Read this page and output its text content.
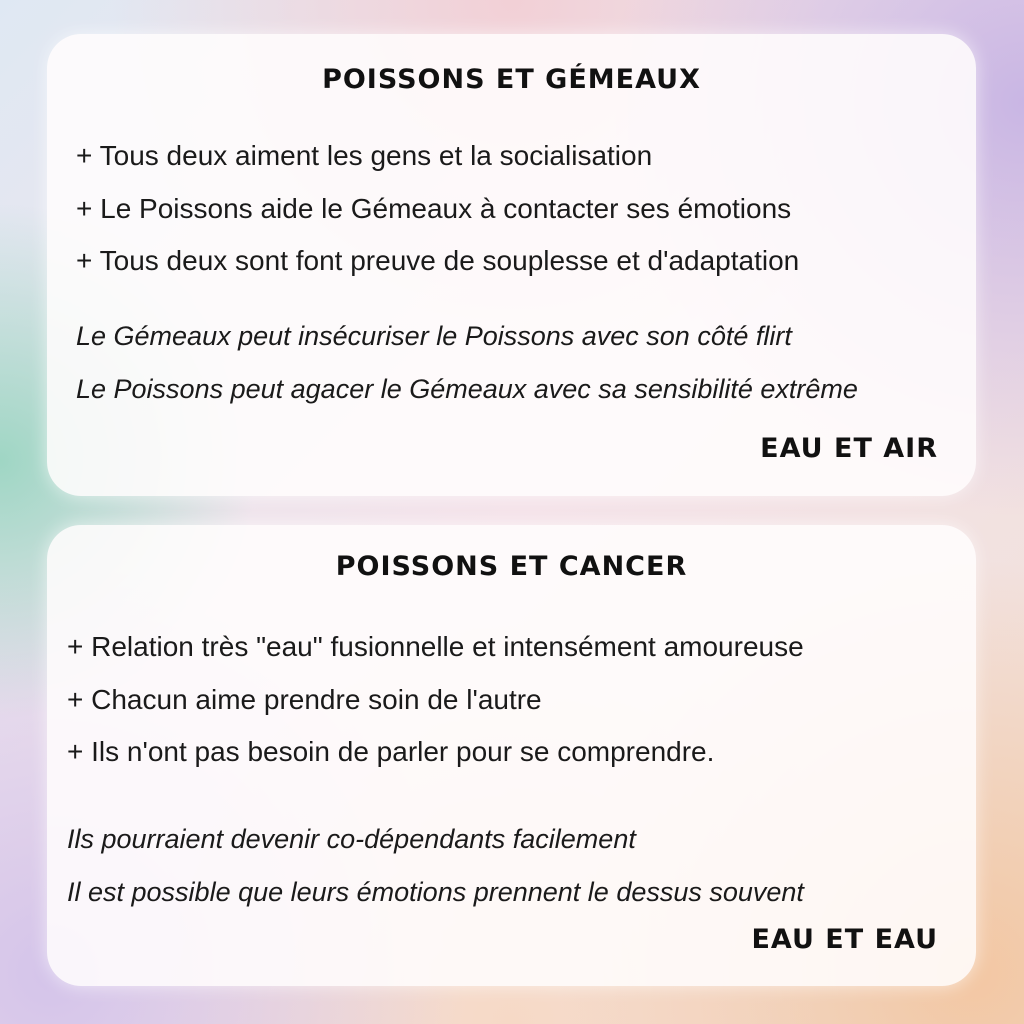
POISSONS ET GÉMEAUX
+ Tous deux aiment les gens et la socialisation
+ Le Poissons aide le Gémeaux à contacter ses émotions
+ Tous deux sont font preuve de souplesse et d'adaptation

Le Gémeaux peut insécuriser le Poissons avec son côté flirt

Le Poissons peut agacer le Gémeaux avec sa sensibilité extrême

EAU ET AIR

POISSONS ET CANCER
+ Relation très "eau" fusionnelle et intensément amoureuse
+ Chacun aime prendre soin de l'autre
+ Ils n'ont pas besoin de parler pour se comprendre.

Ils pourraient devenir co-dépendants facilement

Il est possible que leurs émotions prennent le dessus souvent

EAU ET EAU
